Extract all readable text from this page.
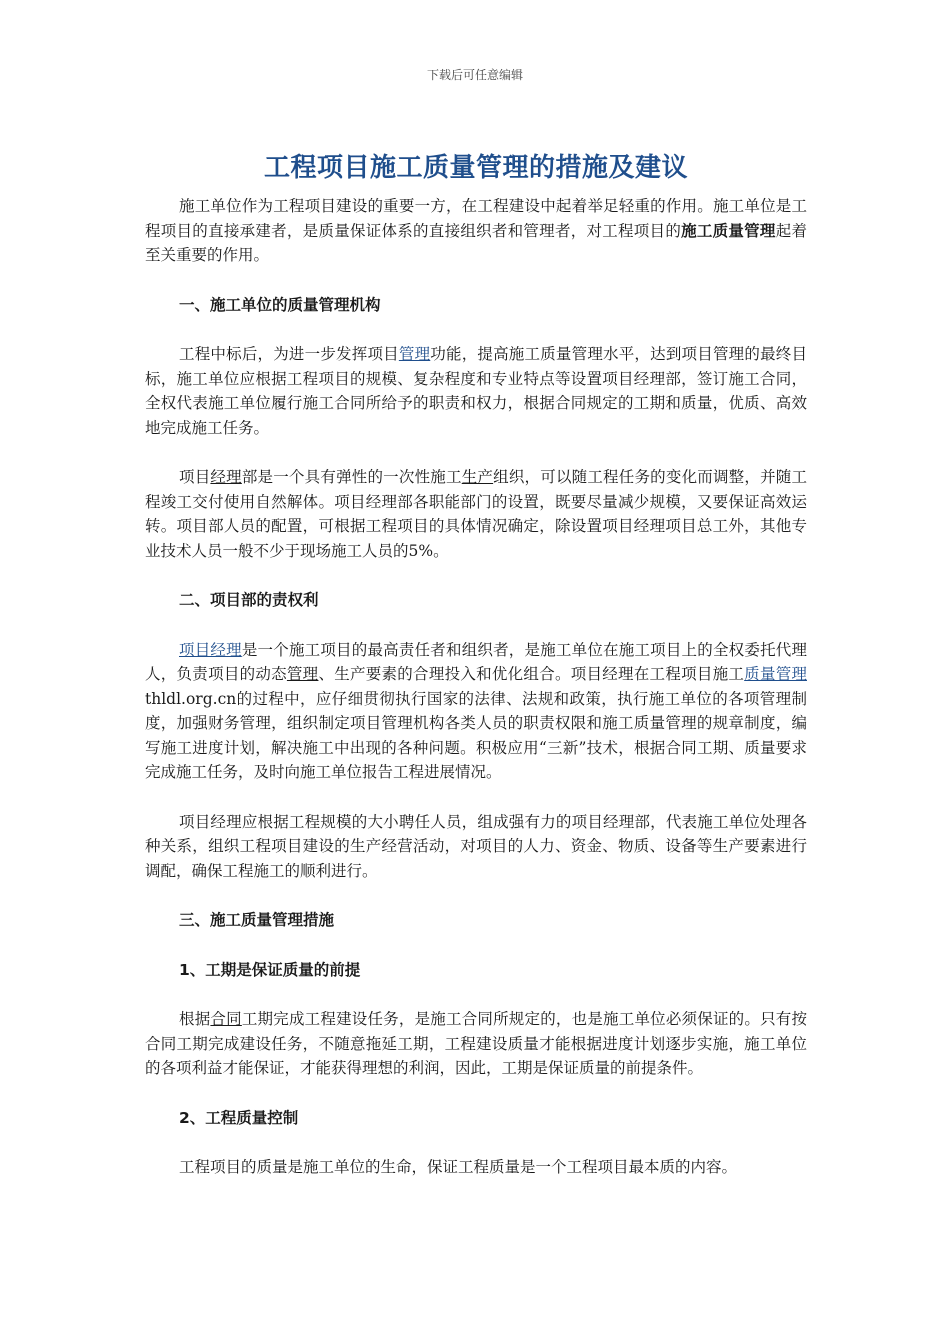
下载后可任意编辑
工程项目施工质量管理的措施及建议

施工单位作为工程项目建设的重要一方，在工程建设中起着举足轻重的作用。施工单位是工程项目的直接承建者，是质量保证体系的直接组织者和管理者，对工程项目的施工质量管理起着至关重要的作用。

一、施工单位的质量管理机构

工程中标后，为进一步发挥项目管理功能，提高施工质量管理水平，达到项目管理的最终目标，施工单位应根据工程项目的规模、复杂程度和专业特点等设置项目经理部，签订施工合同，全权代表施工单位履行施工合同所给予的职责和权力，根据合同规定的工期和质量，优质、高效地完成施工任务。

项目经理部是一个具有弹性的一次性施工生产组织，可以随工程任务的变化而调整，并随工程竣工交付使用自然解体。项目经理部各职能部门的设置，既要尽量减少规模，又要保证高效运转。项目部人员的配置，可根据工程项目的具体情况确定，除设置项目经理项目总工外，其他专业技术人员一般不少于现场施工人员的5%。

二、项目部的责权利

项目经理是一个施工项目的最高责任者和组织者，是施工单位在施工项目上的全权委托代理人，负责项目的动态管理、生产要素的合理投入和优化组合。项目经理在工程项目施工质量管理 thldl.org.cn的过程中，应仔细贯彻执行国家的法律、法规和政策，执行施工单位的各项管理制度，加强财务管理，组织制定项目管理机构各类人员的职责权限和施工质量管理的规章制度，编写施工进度计划，解决施工中出现的各种问题。积极应用“三新”技术，根据合同工期、质量要求完成施工任务，及时向施工单位报告工程进展情况。

项目经理应根据工程规模的大小聘任人员，组成强有力的项目经理部，代表施工单位处理各种关系，组织工程项目建设的生产经营活动，对项目的人力、资金、物质、设备等生产要素进行调配，确保工程施工的顺利进行。

三、施工质量管理措施
1、工期是保证质量的前提

根据合同工期完成工程建设任务，是施工合同所规定的，也是施工单位必须保证的。只有按合同工期完成建设任务，不随意拖延工期，工程建设质量才能根据进度计划逐步实施，施工单位的各项利益才能保证，才能获得理想的利润，因此，工期是保证质量的前提条件。

2、工程质量控制

工程项目的质量是施工单位的生命，保证工程质量是一个工程项目最本质的内容。
